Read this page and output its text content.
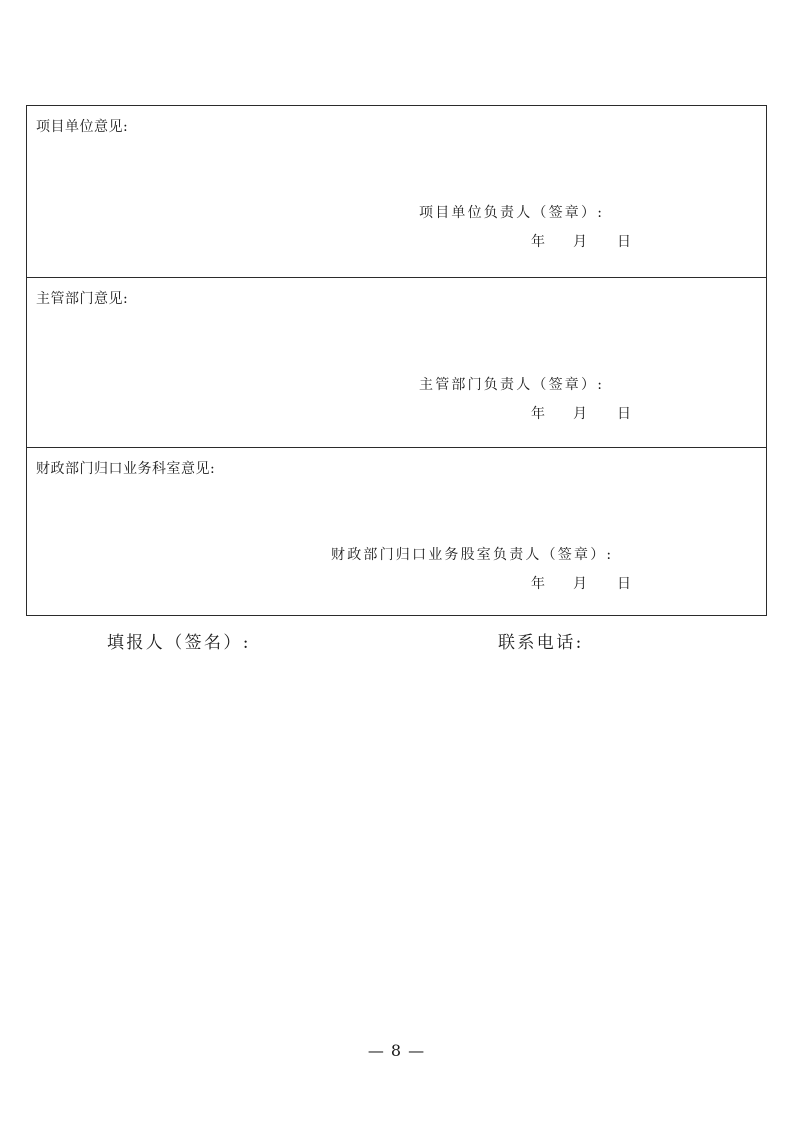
项目单位意见:
项目单位负责人（签章）:
年 月 日
主管部门意见:
主管部门负责人（签章）:
年 月 日
财政部门归口业务科室意见:
财政部门归口业务股室负责人（签章）:
年 月 日
填报人（签名）:	联系电话:
— 8 —
